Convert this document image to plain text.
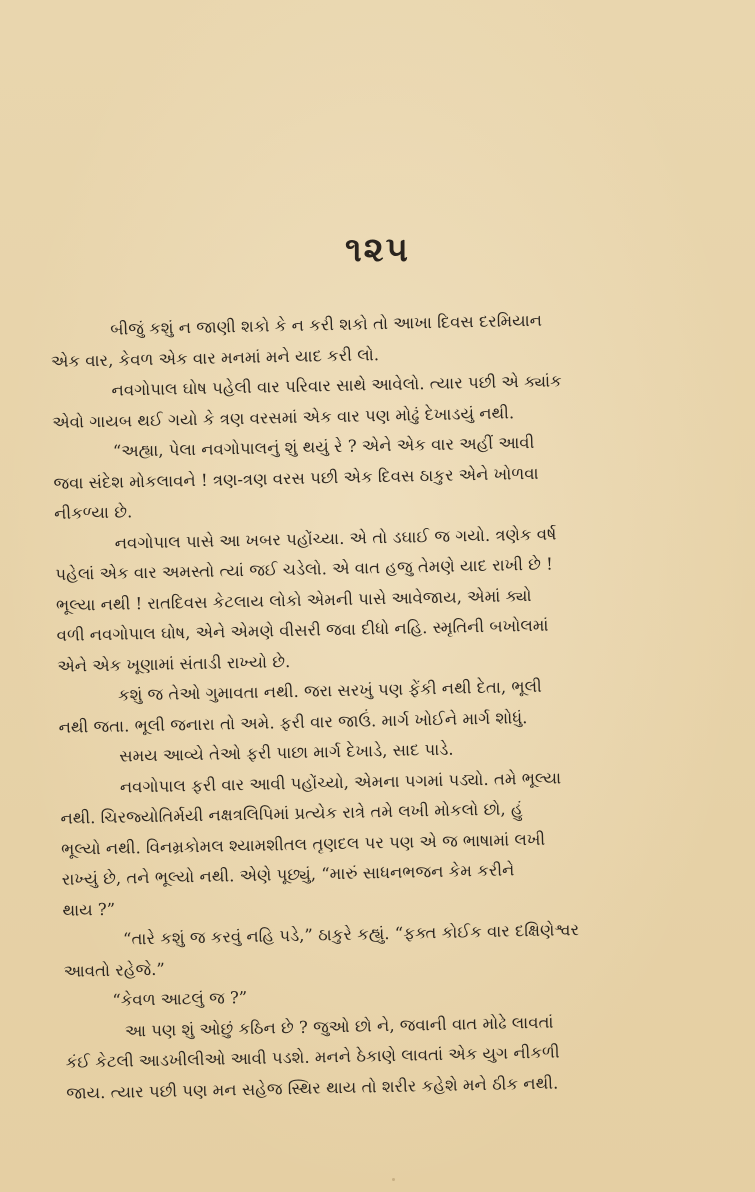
૧૨૫
બીજું કશું ન જાણી શકો કે ન કરી શકો તો આખા દિવસ દરમિયાન
એક વાર, કેવળ એક વાર મનમાં મને યાદ કરી લો.
નવગોપાલ ઘોષ પહેલી વાર પરિવાર સાથે આવેલો. ત્યાર પછી એ ક્યાંક
એવો ગાયબ થઈ ગયો કે ત્રણ વરસમાં એક વાર પણ મોઢું દેખાડયું નથી.
“અહ્યા, પેલા નવગોપાલનું શું થયું રે ? એને એક વાર અહીં આવી
જવા સંદેશ મોકલાવને ! ત્રણ-ત્રણ વરસ પછી એક દિવસ ઠાકુર એને ખોળવા
નીકળ્યા છે.
નવગોપાલ પાસે આ ખબર પહોંચ્યા. એ તો ડઘાઈ જ ગયો. ત્રણેક વર્ષ
પહેલાં એક વાર અમસ્તો ત્યાં જઈ ચડેલો. એ વાત હજુ તેમણે યાદ રાખી છે !
ભૂલ્યા નથી ! રાતદિવસ કેટલાય લોકો એમની પાસે આવેજાય, એમાં ક્યો
વળી નવગોપાલ ઘોષ, એને એમણે વીસરી જવા દીધો નહિ. સ્મૃતિની બખોલમાં
એને એક ખૂણામાં સંતાડી રાખ્યો છે.
કશું જ તેઓ ગુમાવતા નથી. જરા સરખું પણ ફેંકી નથી દેતા, ભૂલી
નથી જતા. ભૂલી જનારા તો અમે. ફરી વાર જાઉં. માર્ગ ખોઈને માર્ગ શોધું.
સમય આવ્યે તેઓ ફરી પાછા માર્ગ દેખાડે, સાદ પાડે.
નવગોપાલ ફરી વાર આવી પહોંચ્યો, એમના પગમાં પડ્યો. તમે ભૂલ્યા
નથી. ચિરજ્યોતિર્મયી નક્ષત્રલિપિમાં પ્રત્યેક રાત્રે તમે લખી મોકલો છો, હું
ભૂલ્યો નથી. વિનમ્રકોમલ શ્યામશીતલ તૃણદલ પર પણ એ જ ભાષામાં લખી
રાખ્યું છે, તને ભૂલ્યો નથી. એણે પૂછ્યું, “મારું સાધનભજન કેમ કરીને
થાય ?”
“તારે કશું જ કરવું નહિ પડે,” ઠાકુરે કહ્યું. “ફક્ત કોઈક વાર દક્ષિણેશ્વર
આવતો રહેજે.”
“કેવળ આટલું જ ?”
આ પણ શું ઓછું કઠિન છે ? જુઓ છો ને, જવાની વાત મોઢે લાવતાં
કંઈ કેટલી આડખીલીઓ આવી પડશે. મનને ઠેકાણે લાવતાં એક યુગ નીકળી
જાય. ત્યાર પછી પણ મન સહેજ સ્થિર થાય તો શરીર કહેશે મને ઠીક નથી.
